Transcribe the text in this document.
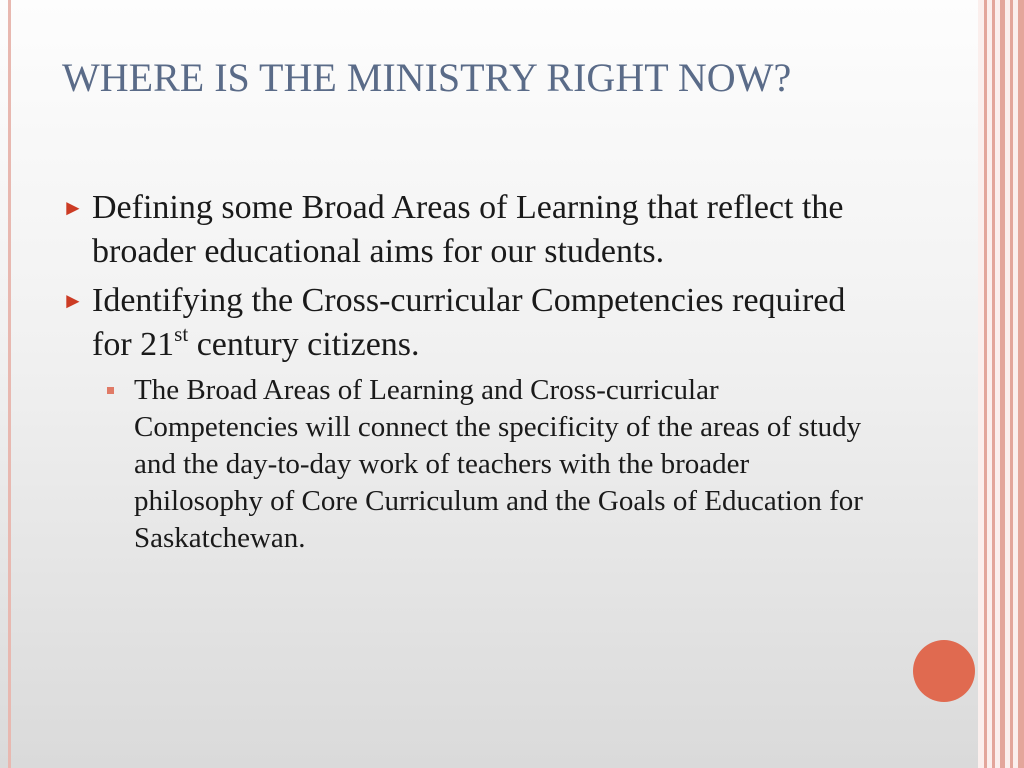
WHERE IS THE MINISTRY RIGHT NOW?
► Defining some Broad Areas of Learning that reflect the broader educational aims for our students.
► Identifying the Cross-curricular Competencies required for 21st century citizens.
The Broad Areas of Learning and Cross-curricular Competencies will connect the specificity of the areas of study and the day-to-day work of teachers with the broader philosophy of Core Curriculum and the Goals of Education for Saskatchewan.
